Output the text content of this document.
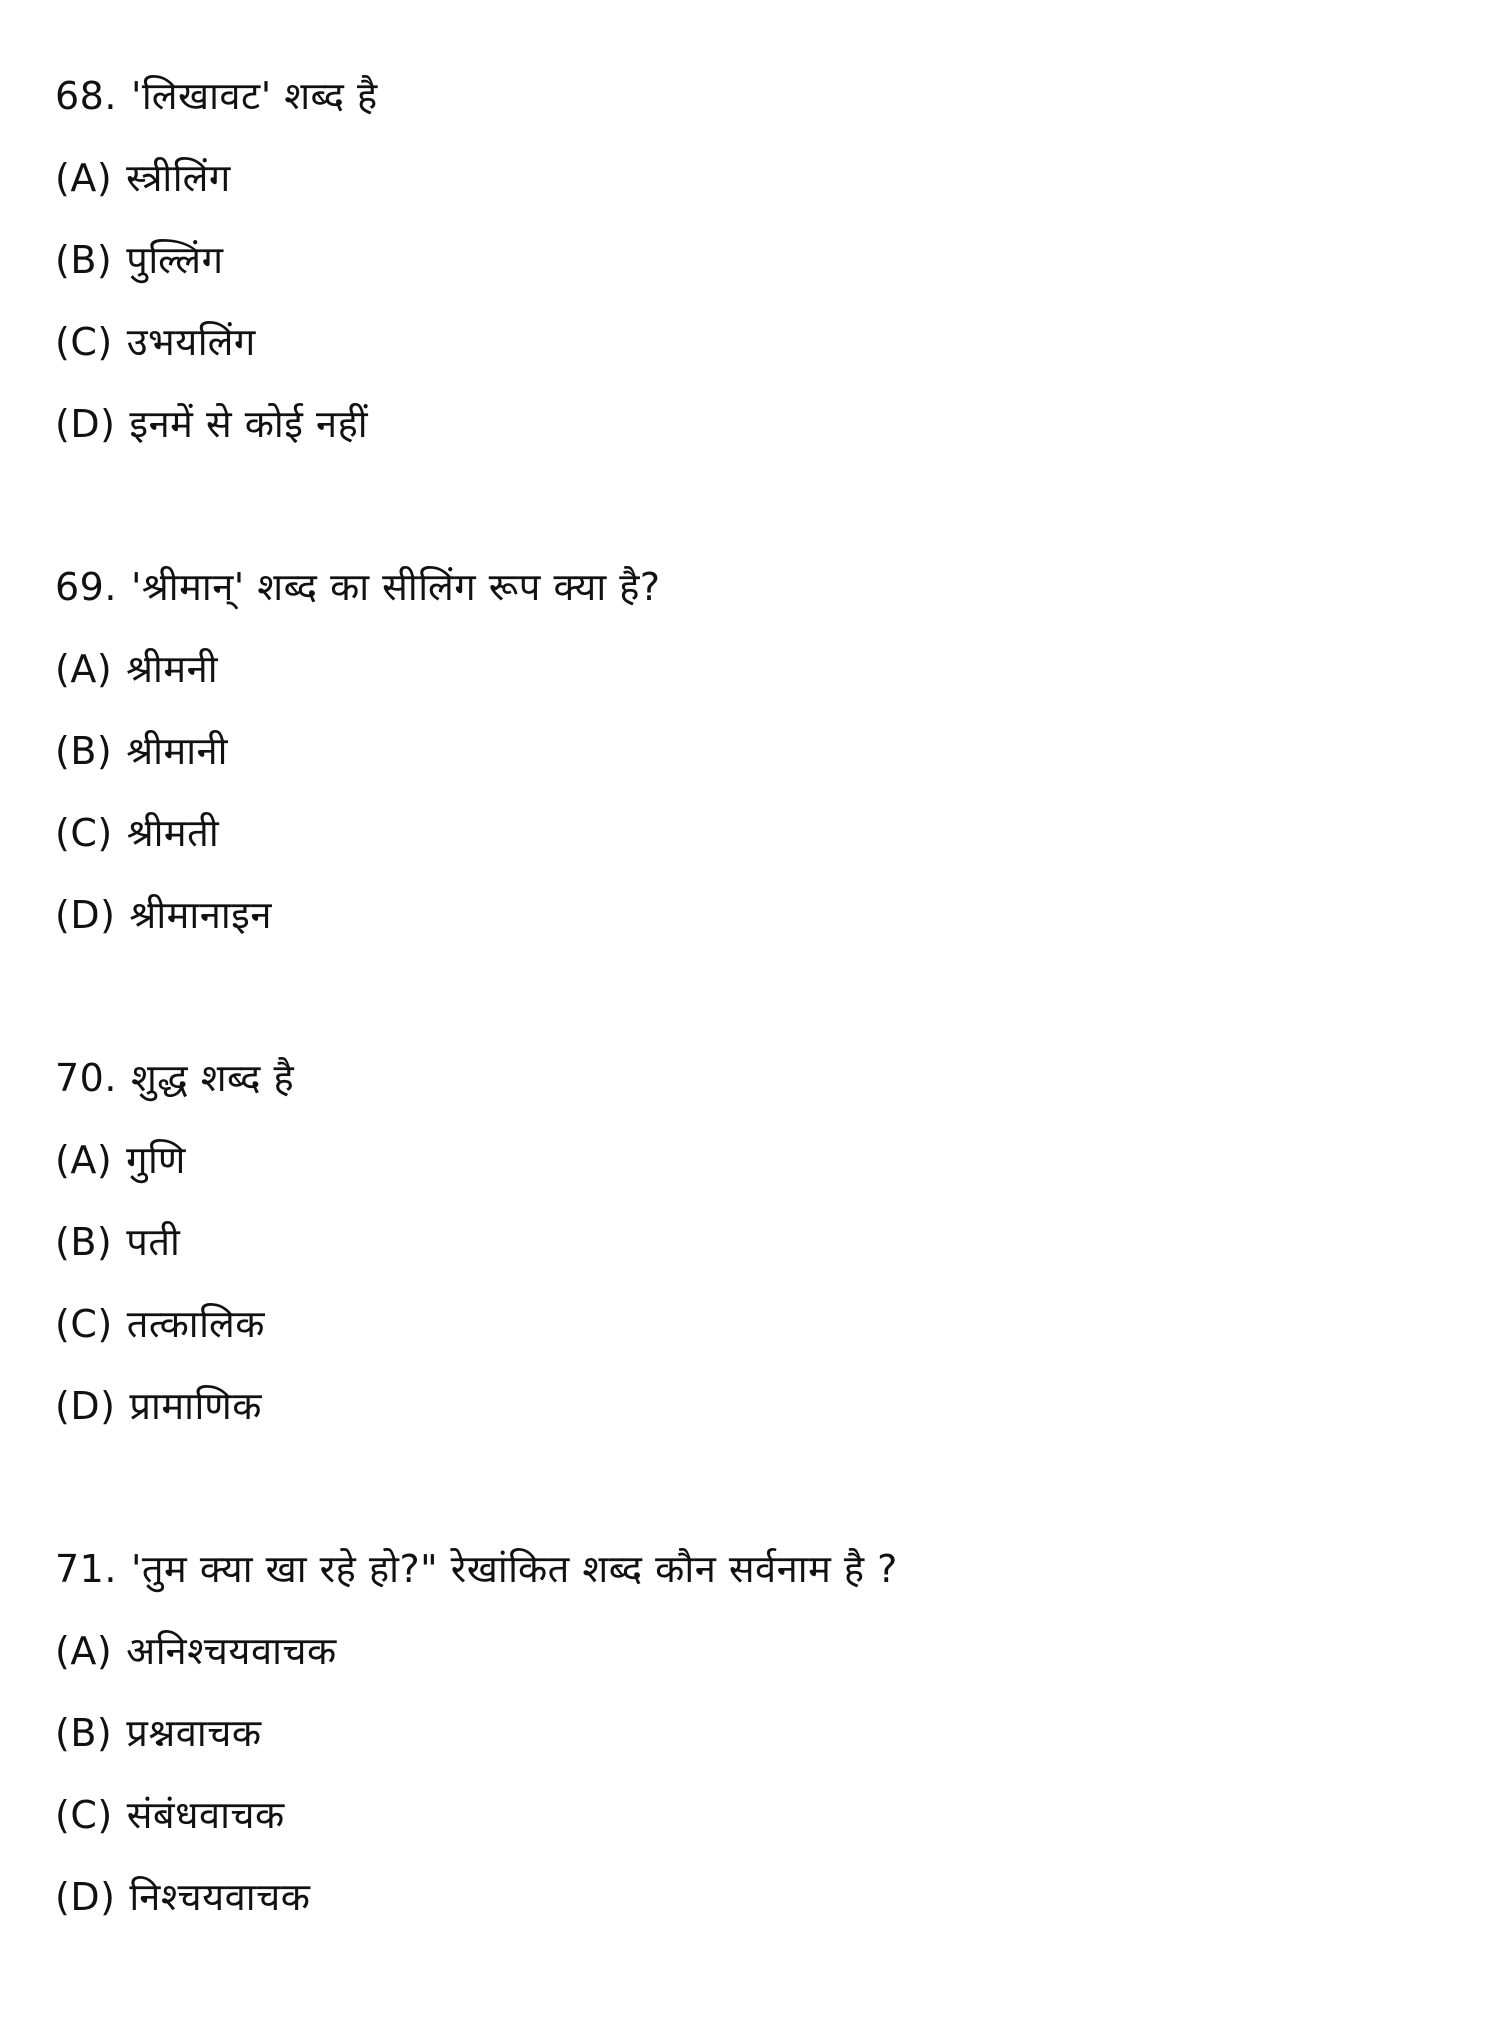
68. 'लिखावट' शब्द है
(A) स्त्रीलिंग
(B) पुल्लिंग
(C) उभयलिंग
(D) इनमें से कोई नहीं
69. 'श्रीमान्' शब्द का सीलिंग रूप क्या है?
(A) श्रीमनी
(B) श्रीमानी
(C) श्रीमती
(D) श्रीमानाइन
70. शुद्ध शब्द है
(A) गुणि
(B) पती
(C) तत्कालिक
(D) प्रामाणिक
71. 'तुम क्या खा रहे हो?" रेखांकित शब्द कौन सर्वनाम है ?
(A) अनिश्चयवाचक
(B) प्रश्नवाचक
(C) संबंधवाचक
(D) निश्चयवाचक
